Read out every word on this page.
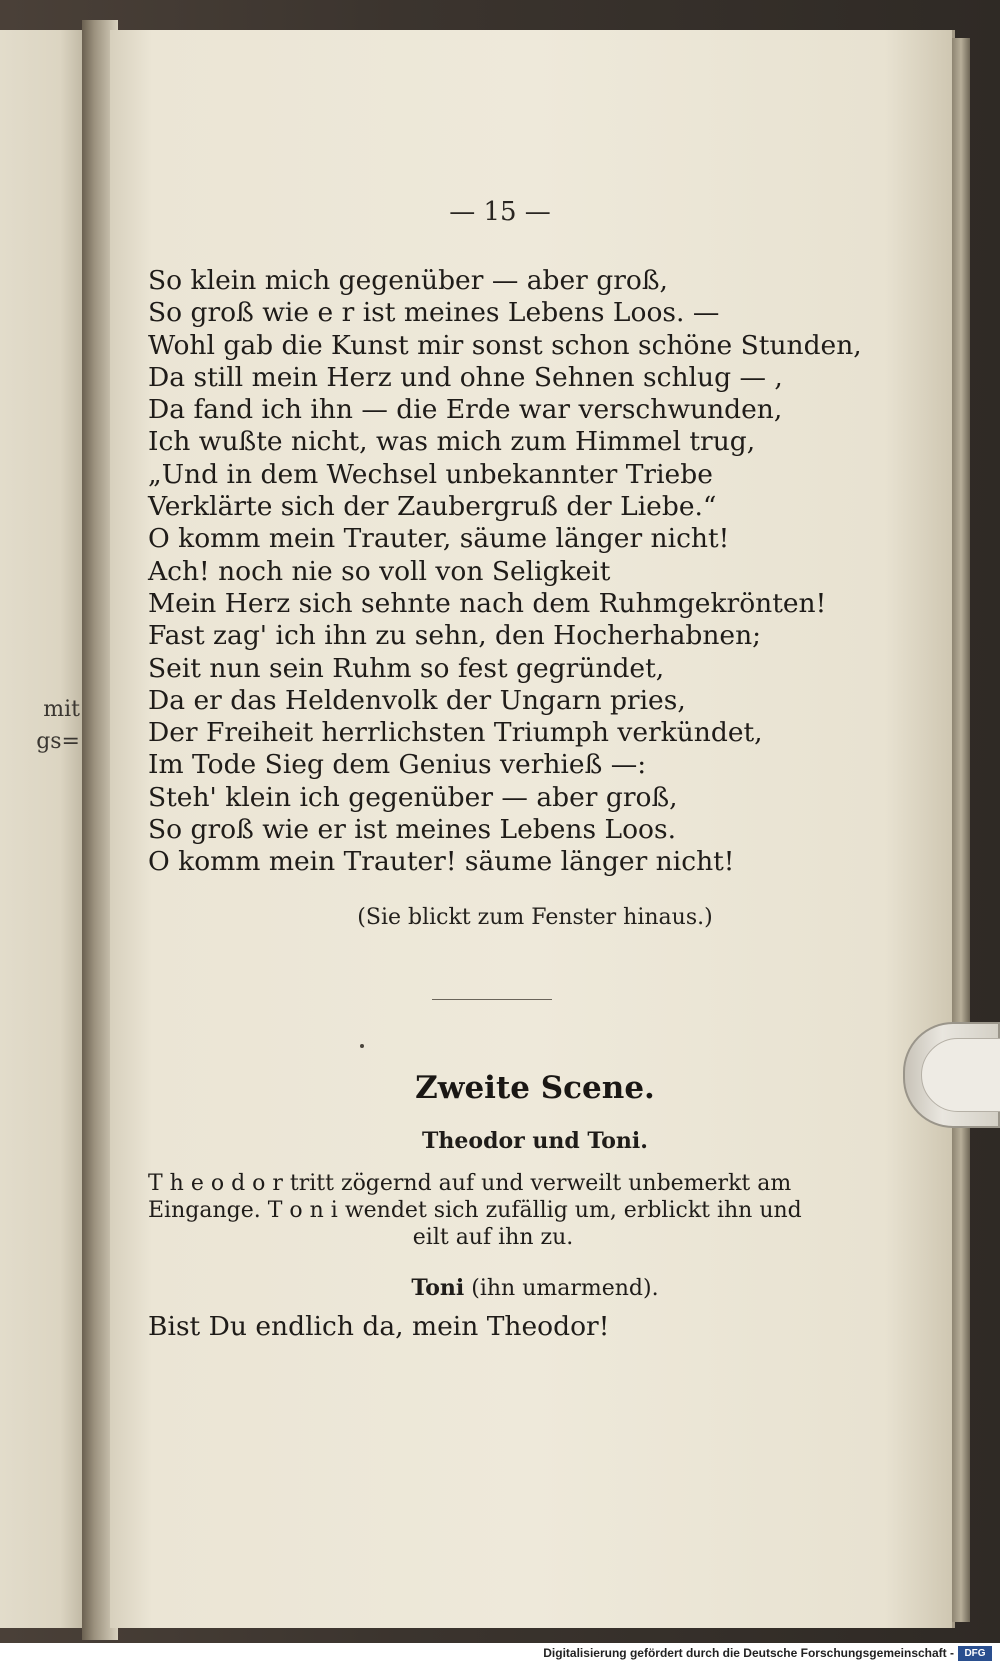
mit
gs=
— 15 —
So klein mich gegenüber — aber groß,
So groß wie e r ist meines Lebens Loos. —
Wohl gab die Kunst mir sonst schon schöne Stunden,
Da still mein Herz und ohne Sehnen schlug — ,
Da fand ich ihn — die Erde war verschwunden,
Ich wußte nicht, was mich zum Himmel trug,
„Und in dem Wechsel unbekannter Triebe
Verklärte sich der Zaubergruß der Liebe.“
O komm mein Trauter, säume länger nicht!
Ach! noch nie so voll von Seligkeit
Mein Herz sich sehnte nach dem Ruhmgekrönten!
Fast zag' ich ihn zu sehn, den Hocherhabnen;
Seit nun sein Ruhm so fest gegründet,
Da er das Heldenvolk der Ungarn pries,
Der Freiheit herrlichsten Triumph verkündet,
Im Tode Sieg dem Genius verhieß —:
Steh' klein ich gegenüber — aber groß,
So groß wie er ist meines Lebens Loos.
O komm mein Trauter! säume länger nicht!
(Sie blickt zum Fenster hinaus.)
Zweite Scene.
Theodor und Toni.
T h e o d o r tritt zögernd auf und verweilt unbemerkt am
Eingange. T o n i wendet sich zufällig um, erblickt ihn und
eilt auf ihn zu.
Toni (ihn umarmend).
Bist Du endlich da, mein Theodor!
Digitalisierung gefördert durch die Deutsche Forschungsgemeinschaft -	DFG
